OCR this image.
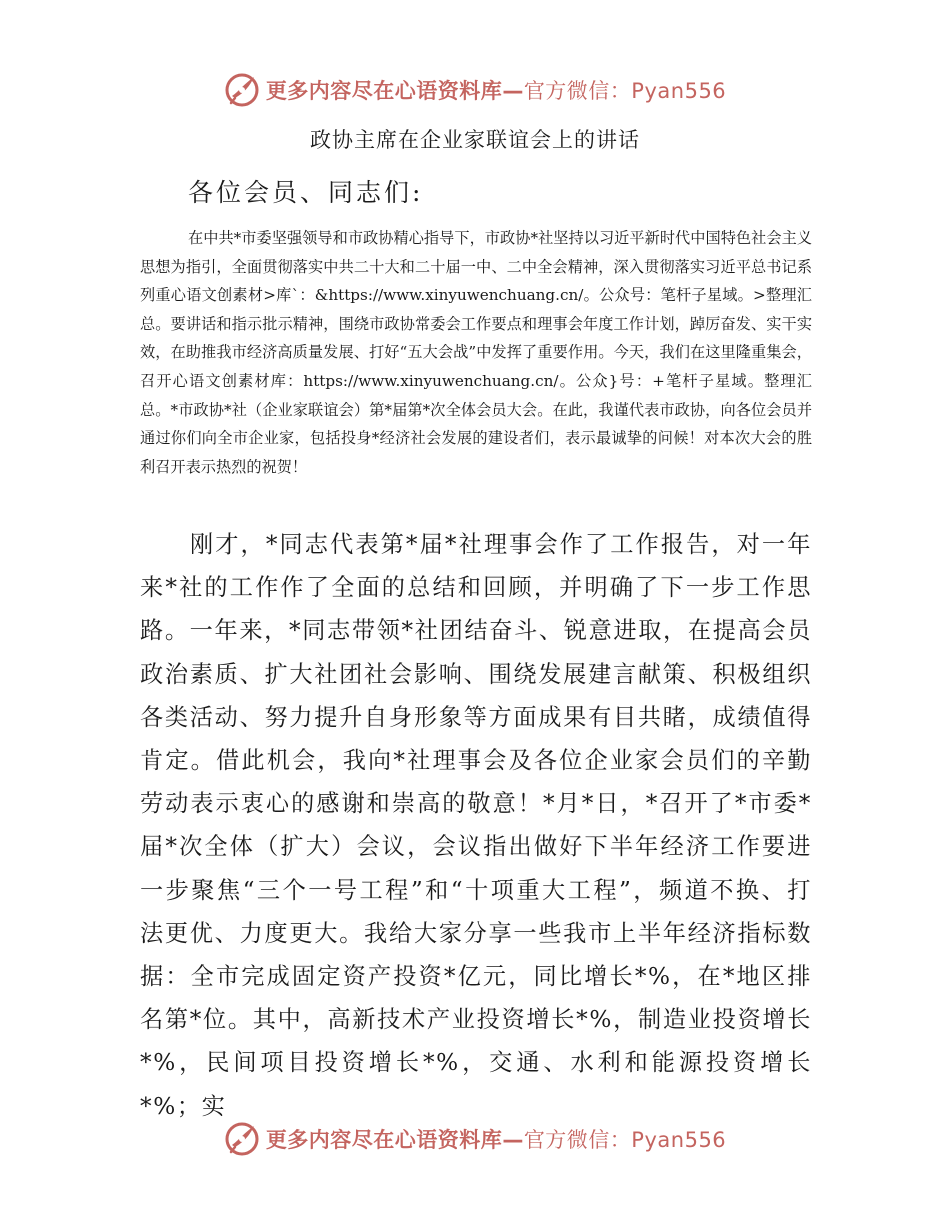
更多内容尽在心语资料库—官方微信：Pyan556
政协主席在企业家联谊会上的讲话
各位会员、同志们:

在中共*市委坚强领导和市政协精心指导下，市政协*社坚持以习近平新时代中国特色社会主义思想为指引，全面贯彻落实中共二十大和二十届一中、二中全会精神，深入贯彻落实习近平总书记系列重心语文创素材>库`：&https://www.xinyuwenchuang.cn/。公众号：笔杆子星域。>整理汇总。要讲话和指示批示精神，围绕市政协常委会工作要点和理事会年度工作计划，踔厉奋发、实干实效，在助推我市经济高质量发展、打好“五大会战”中发挥了重要作用。今天，我们在这里隆重集会，召开心语文创素材库：https://www.xinyuwenchuang.cn/。公众}号：+笔杆子星域。整理汇总。*市政协*社（企业家联谊会）第*届第*次全体会员大会。在此，我谨代表市政协，向各位会员并通过你们向全市企业家，包括投身*经济社会发展的建设者们，表示最诚挚的问候！对本次大会的胜利召开表示热烈的祝贺！

刚才，*同志代表第*届*社理事会作了工作报告，对一年来*社的工作作了全面的总结和回顾，并明确了下一步工作思路。一年来，*同志带领*社团结奋斗、锐意进取，在提高会员政治素质、扩大社团社会影响、围绕发展建言献策、积极组织各类活动、努力提升自身形象等方面成果有目共睹，成绩值得肯定。借此机会，我向*社理事会及各位企业家会员们的辛勤劳动表示衷心的感谢和崇高的敬意！*月*日，*召开了*市委*届*次全体（扩大）会议，会议指出做好下半年经济工作要进一步聚焦“三个一号工程”和“十项重大工程”，频道不换、打法更优、力度更大。我给大家分享一些我市上半年经济指标数据：全市完成固定资产投资*亿元，同比增长*%，在*地区排名第*位。其中，高新技术产业投资增长*%，制造业投资增长*%，民间项目投资增长*%，交通、水利和能源投资增长*%；实

更多内容尽在心语资料库—官方微信：Pyan556
